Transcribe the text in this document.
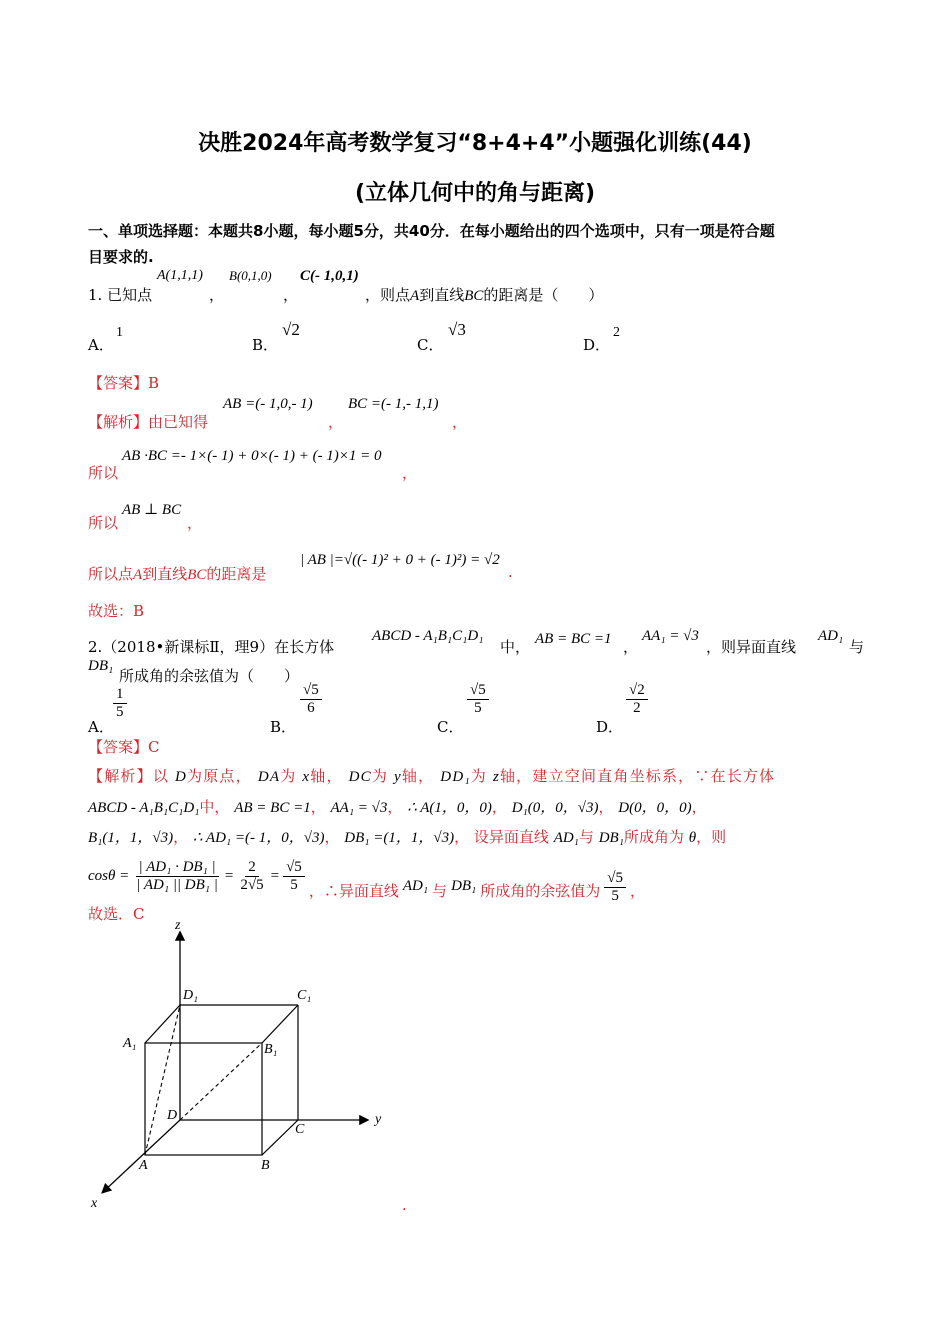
决胜2024年高考数学复习“8+4+4”小题强化训练(44)
(立体几何中的角与距离)
一、单项选择题：本题共8小题，每小题5分，共40分．在每小题给出的四个选项中，只有一项是符合题
目要求的.
1. 已知点
A(1,1,1)
，
B(0,1,0)
，
C(- 1,0,1)
，则点A到直线BC的距离是（　　）
A．
1
B．
√2
C．
√3
D．
2
【答案】B
【解析】由已知得
AB =(- 1,0,- 1)
，
BC =(- 1,- 1,1)
，
所以
AB ·BC =- 1×(- 1) + 0×(- 1) + (- 1)×1 = 0
，
所以
AB ⊥ BC
，
所以点A到直线BC的距离是
| AB |=√((- 1)² + 0 + (- 1)²) = √2
.
故选：B
2.（2018•新课标Ⅱ，理9）在长方体
ABCD - A₁B₁C₁D₁
中， AB = BC =1 ，
AA₁ = √3
，则异面直线
AD₁
与
DB₁
所成角的余弦值为（　　）
A．
$\frac{1}{5}$
B．
$\frac{√5}{6}$
C．
$\frac{√5}{5}$
D．
$\frac{√2}{2}$
【答案】C
【解析】以 D为原点， DA为 x轴， DC为 y轴， DD₁为 z轴，建立空间直角坐标系，∵在长方体
ABCD - A₁B₁C₁D₁中， AB = BC =1， AA₁ = √3， ∴ A(1，0，0)， D₁(0，0，√3)， D(0，0，0)，
B₁(1，1，√3)， ∴ AD₁ =(- 1，0，√3)， DB₁ =(1，1，√3)， 设异面直线 AD₁与 DB₁所成角为 θ，则
$\cos\theta = \frac{\text{| AD₁ · DB₁ |}}{\text{| AD₁ || DB₁ |}} = \frac{2}{2√5} = \frac{√5}{5}$ ，∴异面直线 AD₁ 与 DB₁ 所成角的余弦值为 $\frac{√5}{5}$ ，
故选．C
z
y
x
D₁	C₁
A₁	B₁
D
C
A	B
.
